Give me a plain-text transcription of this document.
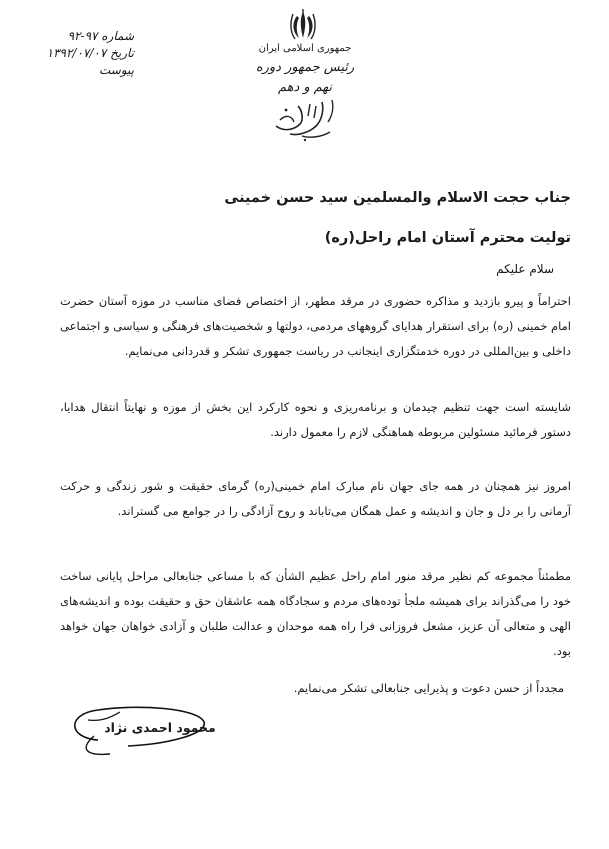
شماره ۹۷-۹۲
تاریخ ۱۳۹۲/۰۷/۰۷
پیوست
جمهوری اسلامی ایران
رئیس جمهور دوره نهم و دهم
جناب حجت الاسلام والمسلمین سید حسن خمینی
تولیت محترم آستان امام راحل(ره)
سلام علیکم
احتراماً و پیرو بازدید و مذاکره حضوری در مرقد مطهر، از اختصاص فضای مناسب در موزه آستان حضرت امام خمینی (ره) برای استقرار هدایای گروههای مردمی، دولتها و شخصیت‌های فرهنگی و سیاسی و اجتماعی داخلی و بین‌المللی در دوره خدمتگزاری اینجانب در ریاست جمهوری تشکر و قدردانی می‌نمایم.
شایسته است جهت تنظیم چیدمان و برنامه‌ریزی و نحوه کارکرد این بخش از موزه و نهایتاً انتقال هدایا، دستور فرمائید مسئولین مربوطه هماهنگی لازم را معمول دارند.
امروز نیز همچنان در همه جای جهان نام مبارک امام خمینی(ره) گرمای حقیقت و شور زندگی و حرکت آرمانی را بر دل و جان و اندیشه و عمل همگان می‌تاباند و روح آزادگی را در جوامع می گستراند.
مطمئناً مجموعه کم نظیر مرقد منور امام راحل عظیم الشأن که با مساعی جنابعالی مراحل پایانی ساخت خود را می‌گذراند برای همیشه ملجأ توده‌های مردم و سجادگاه همه عاشقان حق و حقیقت بوده و اندیشه‌های الهی و متعالی آن عزیز، مشعل فروزانی فرا راه همه موحدان و عدالت طلبان و آزادی خواهان جهان خواهد بود.
مجدداً از حسن دعوت و پذیرایی جنابعالی تشکر می‌نمایم.
محمود احمدی نژاد
